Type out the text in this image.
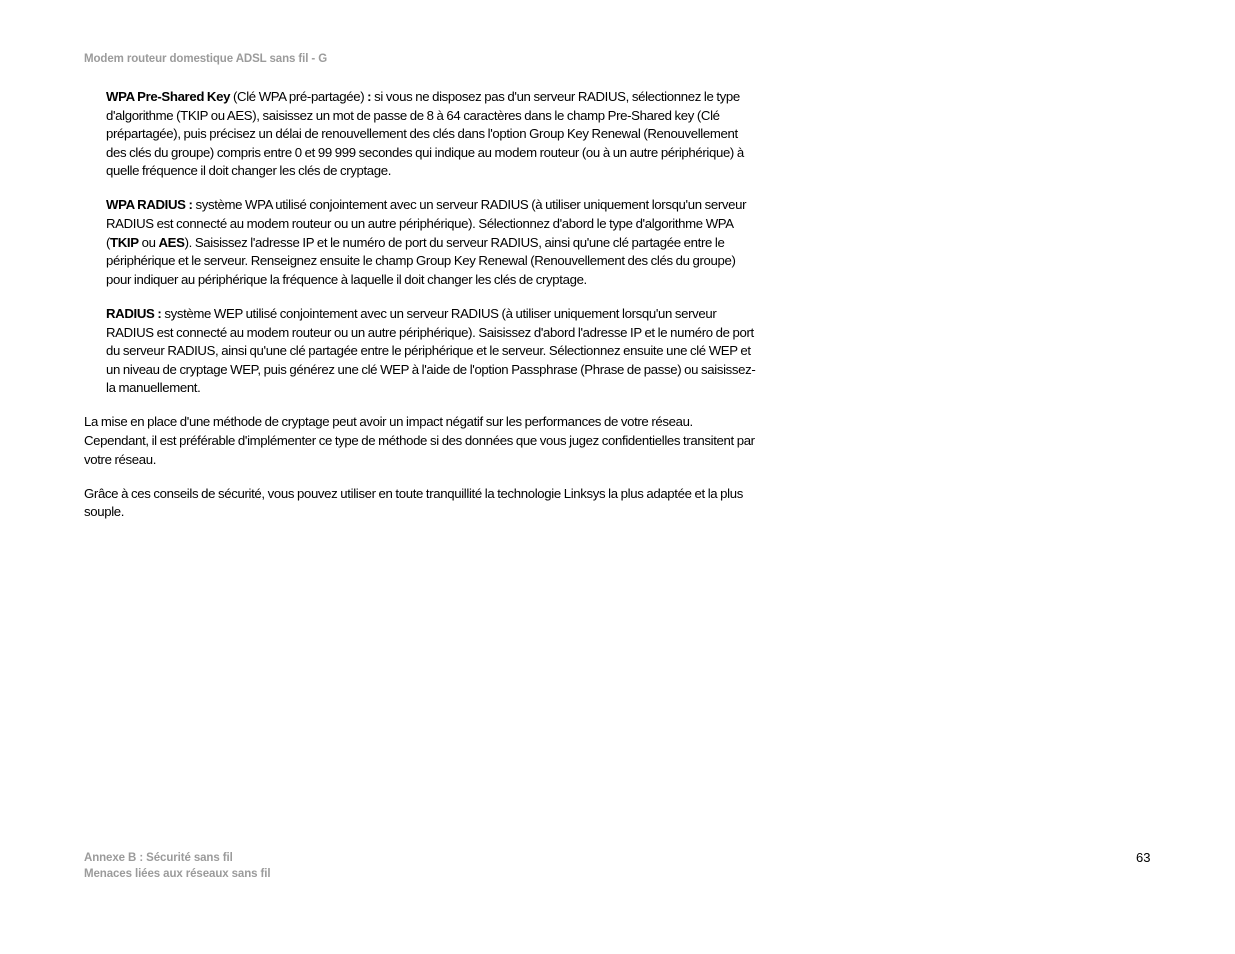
Modem routeur domestique ADSL sans fil - G

WPA Pre-Shared Key (Clé WPA pré-partagée) : si vous ne disposez pas d'un serveur RADIUS, sélectionnez le type d'algorithme (TKIP ou AES), saisissez un mot de passe de 8 à 64 caractères dans le champ Pre-Shared key (Clé prépartagée), puis précisez un délai de renouvellement des clés dans l'option Group Key Renewal (Renouvellement des clés du groupe) compris entre 0 et 99 999 secondes qui indique au modem routeur (ou à un autre périphérique) à quelle fréquence il doit changer les clés de cryptage.

WPA RADIUS : système WPA utilisé conjointement avec un serveur RADIUS (à utiliser uniquement lorsqu'un serveur RADIUS est connecté au modem routeur ou un autre périphérique). Sélectionnez d'abord le type d'algorithme WPA (TKIP ou AES). Saisissez l'adresse IP et le numéro de port du serveur RADIUS, ainsi qu'une clé partagée entre le périphérique et le serveur. Renseignez ensuite le champ Group Key Renewal (Renouvellement des clés du groupe) pour indiquer au périphérique la fréquence à laquelle il doit changer les clés de cryptage.

RADIUS : système WEP utilisé conjointement avec un serveur RADIUS (à utiliser uniquement lorsqu'un serveur RADIUS est connecté au modem routeur ou un autre périphérique). Saisissez d'abord l'adresse IP et le numéro de port du serveur RADIUS, ainsi qu'une clé partagée entre le périphérique et le serveur. Sélectionnez ensuite une clé WEP et un niveau de cryptage WEP, puis générez une clé WEP à l'aide de l'option Passphrase (Phrase de passe) ou saisissez-la manuellement.

La mise en place d'une méthode de cryptage peut avoir un impact négatif sur les performances de votre réseau. Cependant, il est préférable d'implémenter ce type de méthode si des données que vous jugez confidentielles transitent par votre réseau.

Grâce à ces conseils de sécurité, vous pouvez utiliser en toute tranquillité la technologie Linksys la plus adaptée et la plus souple.

Annexe B : Sécurité sans fil
Menaces liées aux réseaux sans fil
63
